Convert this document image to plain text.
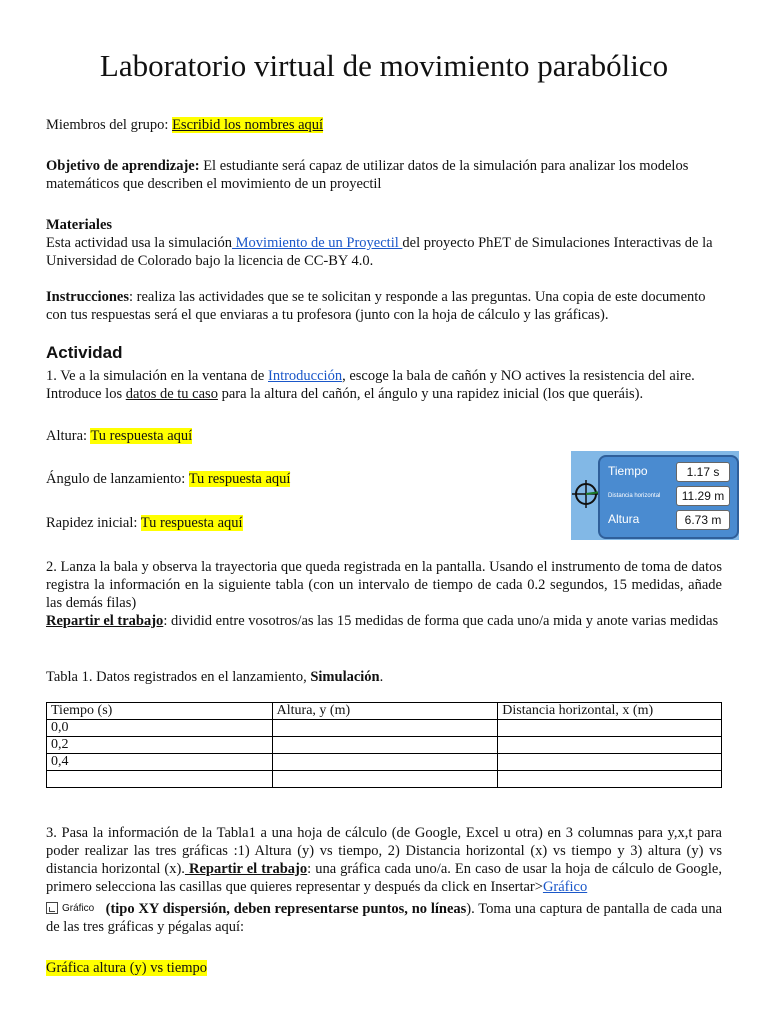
Laboratorio virtual de movimiento parabólico
Miembros del grupo: Escribid los nombres aquí
Objetivo de aprendizaje: El estudiante será capaz de utilizar datos de la simulación para analizar los modelos matemáticos que describen el movimiento de un proyectil
Materiales
Esta actividad usa la simulación Movimiento de un Proyectil del proyecto PhET de Simulaciones Interactivas de la Universidad de Colorado bajo la licencia de CC-BY 4.0.
Instrucciones: realiza las actividades que se te solicitan y responde a las preguntas. Una copia de este documento con tus respuestas será el que enviaras a tu profesora (junto con la hoja de cálculo y las gráficas).
Actividad
1. Ve a la simulación en la ventana de Introducción, escoge la bala de cañón y NO actives la resistencia del aire. Introduce los datos de tu caso para la altura del cañón, el ángulo y una rapidez inicial (los que queráis).
Altura: Tu respuesta aquí
Ángulo de lanzamiento: Tu respuesta aquí
Rapidez inicial: Tu respuesta aquí
2. Lanza la bala y observa la trayectoria que queda registrada en la pantalla. Usando el instrumento de toma de datos registra la información en la siguiente tabla (con un intervalo de tiempo de cada 0.2 segundos, 15 medidas, añade las demás filas)
Repartir el trabajo: dividid entre vosotros/as las 15 medidas de forma que cada uno/a mida y anote varias medidas
Tabla 1. Datos registrados en el lanzamiento, Simulación.
Tiempo (s)	Altura, y (m)	Distancia horizontal, x (m)
0,0		
0,2		
0,4		

3. Pasa la información de la Tabla1 a una hoja de cálculo (de Google, Excel u otra) en 3 columnas para y,x,t para poder realizar las tres gráficas :1) Altura (y) vs tiempo, 2) Distancia horizontal (x) vs tiempo y 3) altura (y) vs distancia horizontal (x). Repartir el trabajo: una gráfica cada uno/a. En caso de usar la hoja de cálculo de Google, primero selecciona las casillas que quieres representar y después da click en Insertar>Gráfico
Gráfico (tipo XY dispersión, deben representarse puntos, no líneas). Toma una captura de pantalla de cada una de las tres gráficas y pégalas aquí:
Gráfica altura (y) vs tiempo
Tiempo	1.17 s
Distancia horizontal	11.29 m
Altura	6.73 m
